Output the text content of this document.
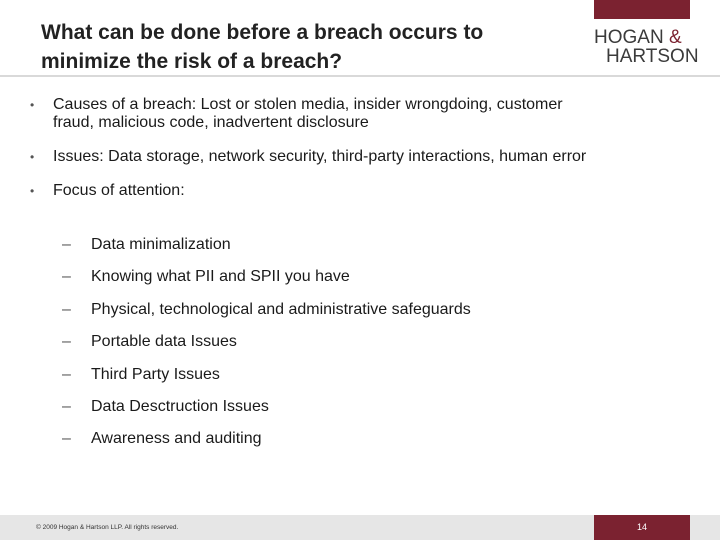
What can be done before a breach occurs to minimize the risk of a breach?
HOGAN &
HARTSON
• Causes of a breach: Lost or stolen media, insider wrongdoing, customer fraud, malicious code, inadvertent disclosure
• Issues: Data storage, network security, third-party interactions, human error
• Focus of attention:
– Data minimalization
– Knowing what PII and SPII you have
– Physical, technological and administrative safeguards
– Portable data Issues
– Third Party Issues
– Data Desctruction Issues
– Awareness and auditing
© 2009 Hogan & Hartson LLP. All rights reserved.	14
